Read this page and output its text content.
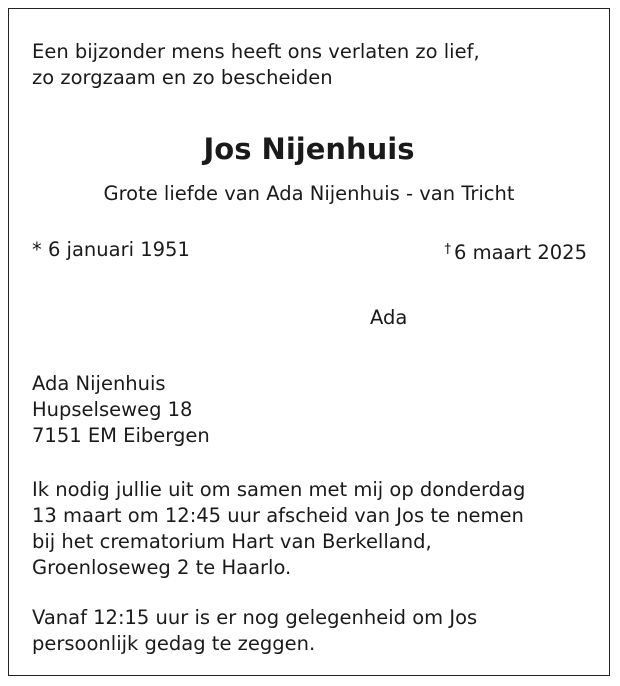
Een bijzonder mens heeft ons verlaten zo lief,
zo zorgzaam en zo bescheiden
Jos Nijenhuis
Grote liefde van Ada Nijenhuis - van Tricht
* 6 januari 1951	† 6 maart 2025
Ada
Ada Nijenhuis
Hupselseweg 18
7151 EM Eibergen
Ik nodig jullie uit om samen met mij op donderdag
13 maart om 12:45 uur afscheid van Jos te nemen
bij het crematorium Hart van Berkelland,
Groenloseweg 2 te Haarlo.
Vanaf 12:15 uur is er nog gelegenheid om Jos
persoonlijk gedag te zeggen.
